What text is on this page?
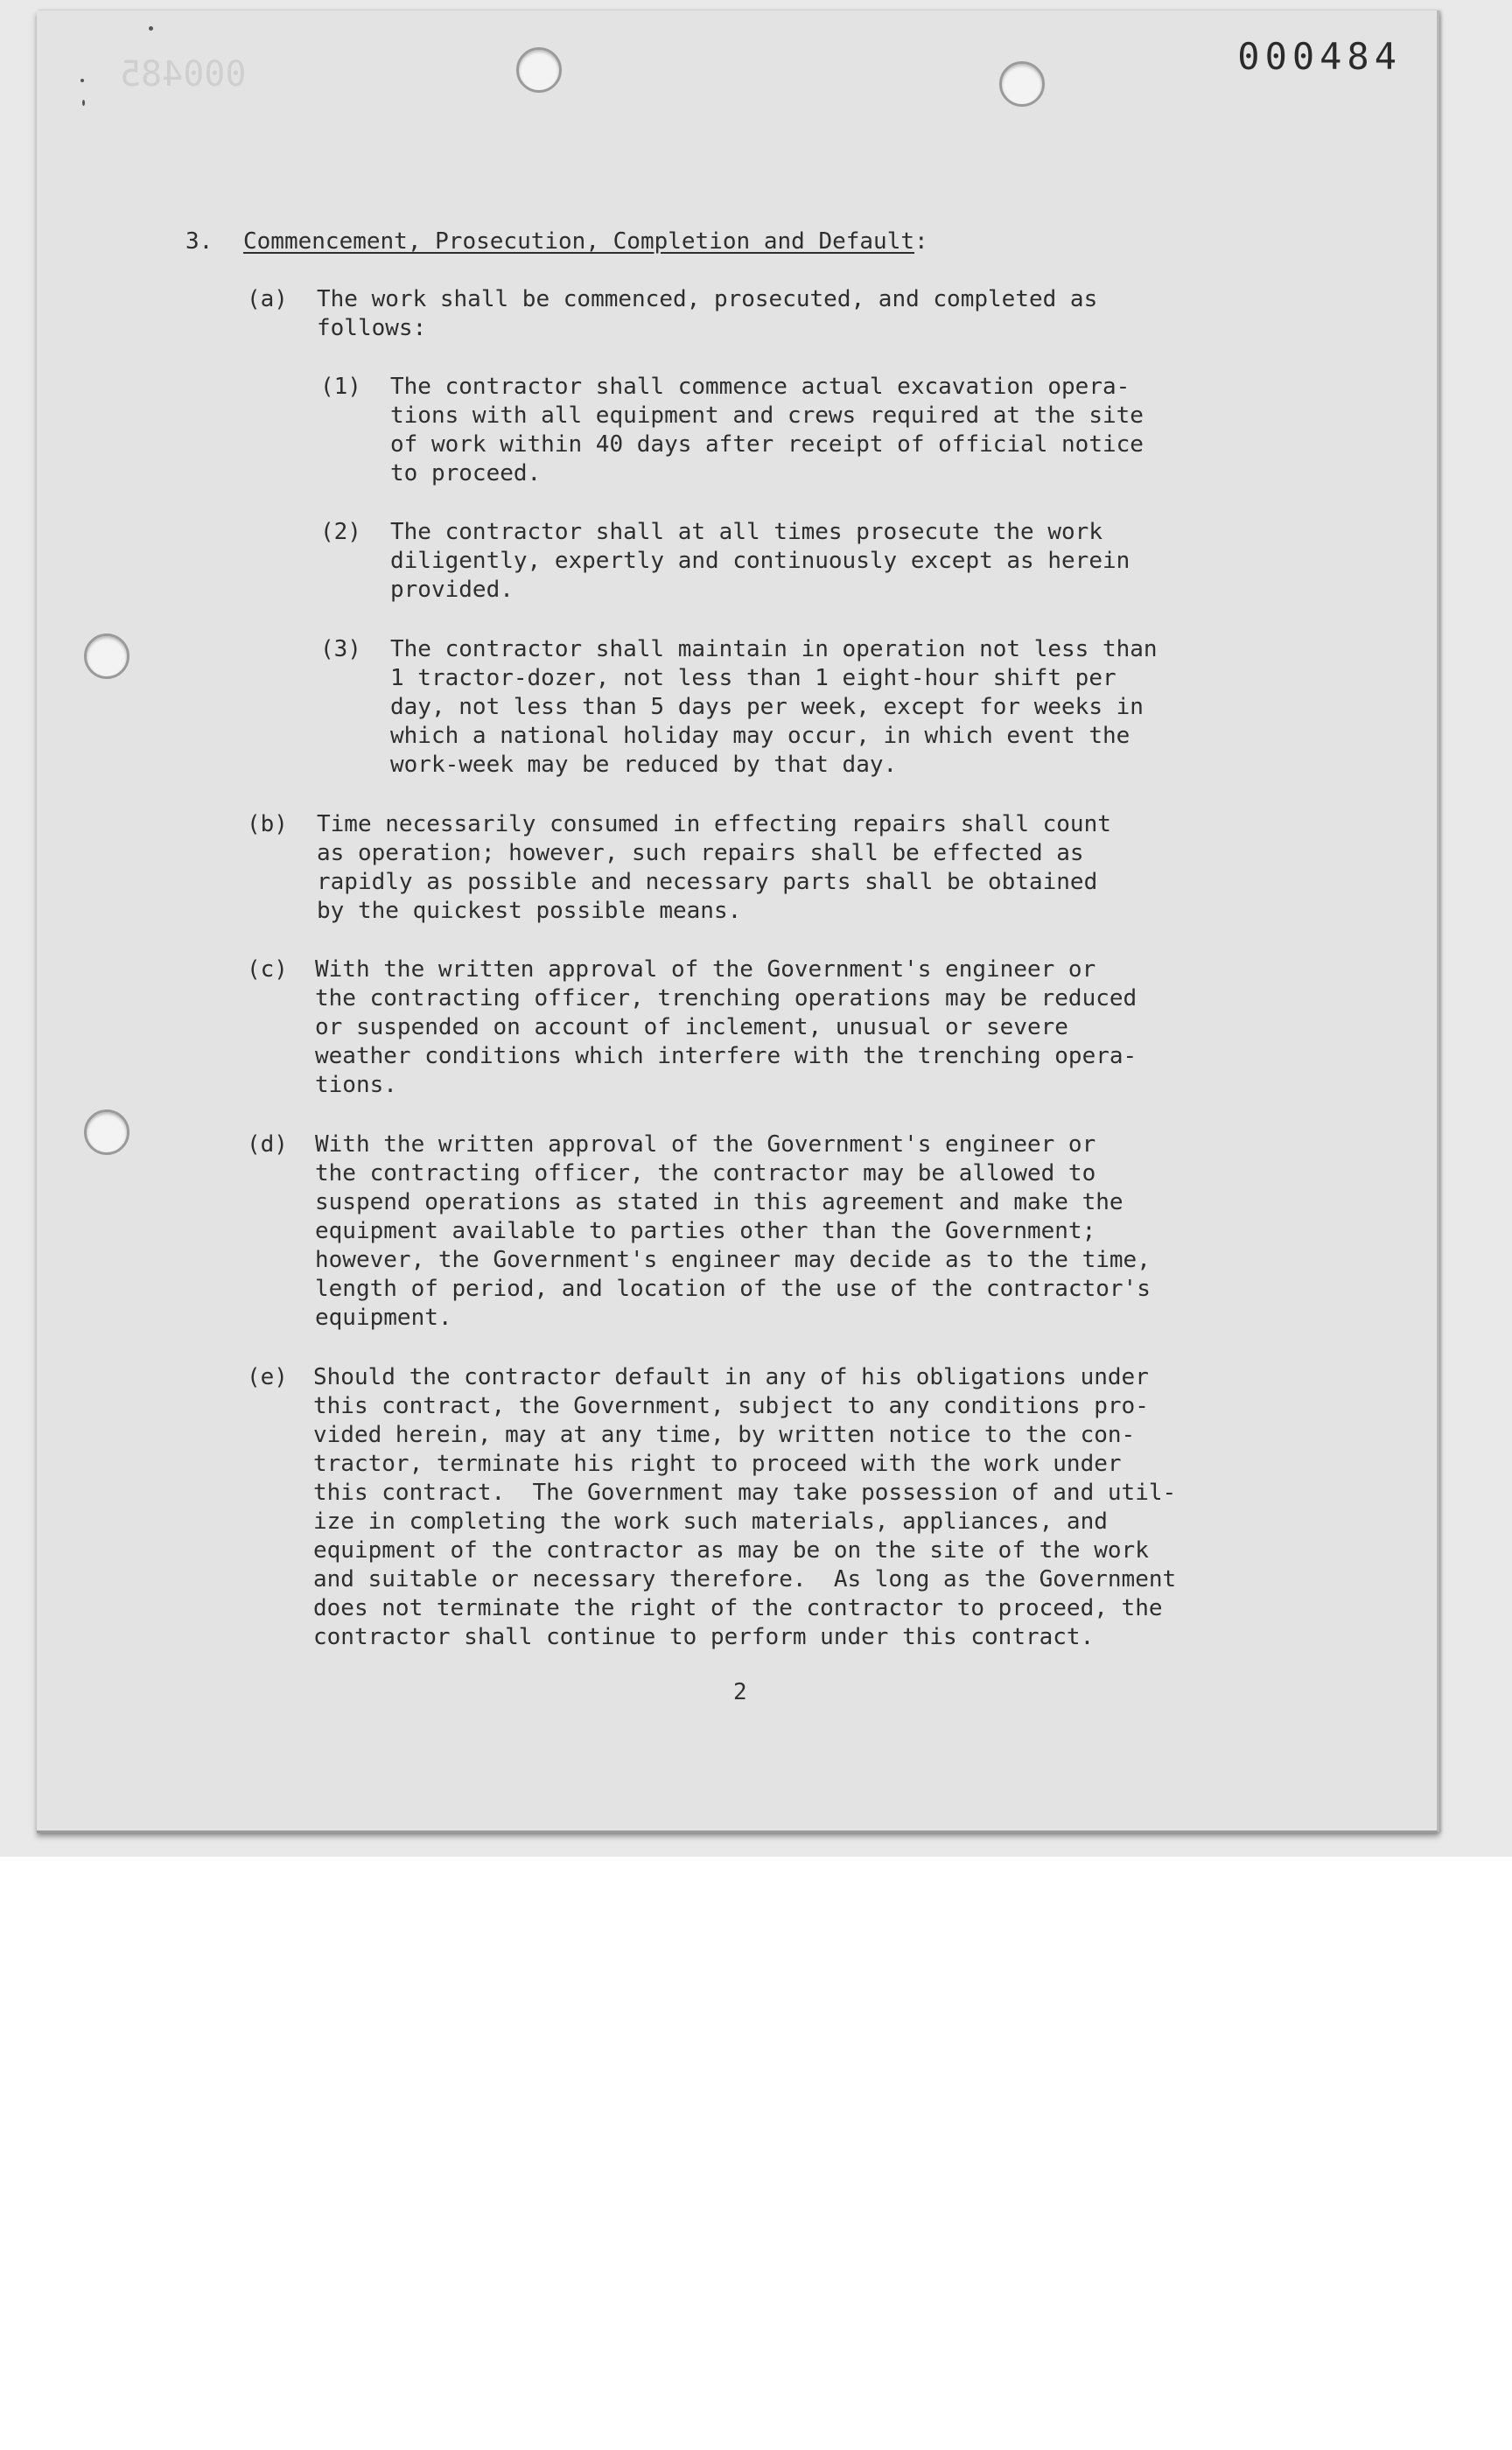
000484
000485
3. Commencement, Prosecution, Completion and Default:
(a) The work shall be commenced, prosecuted, and completed as
follows:
(1) The contractor shall commence actual excavation opera-
tions with all equipment and crews required at the site
of work within 40 days after receipt of official notice
to proceed.
(2) The contractor shall at all times prosecute the work
diligently, expertly and continuously except as herein
provided.
(3) The contractor shall maintain in operation not less than
1 tractor-dozer, not less than 1 eight-hour shift per
day, not less than 5 days per week, except for weeks in
which a national holiday may occur, in which event the
work-week may be reduced by that day.
(b) Time necessarily consumed in effecting repairs shall count
as operation; however, such repairs shall be effected as
rapidly as possible and necessary parts shall be obtained
by the quickest possible means.
(c) With the written approval of the Government's engineer or
the contracting officer, trenching operations may be reduced
or suspended on account of inclement, unusual or severe
weather conditions which interfere with the trenching opera-
tions.
(d) With the written approval of the Government's engineer or
the contracting officer, the contractor may be allowed to
suspend operations as stated in this agreement and make the
equipment available to parties other than the Government;
however, the Government's engineer may decide as to the time,
length of period, and location of the use of the contractor's
equipment.
(e) Should the contractor default in any of his obligations under
this contract, the Government, subject to any conditions pro-
vided herein, may at any time, by written notice to the con-
tractor, terminate his right to proceed with the work under
this contract.  The Government may take possession of and util-
ize in completing the work such materials, appliances, and
equipment of the contractor as may be on the site of the work
and suitable or necessary therefore.  As long as the Government
does not terminate the right of the contractor to proceed, the
contractor shall continue to perform under this contract.
2
